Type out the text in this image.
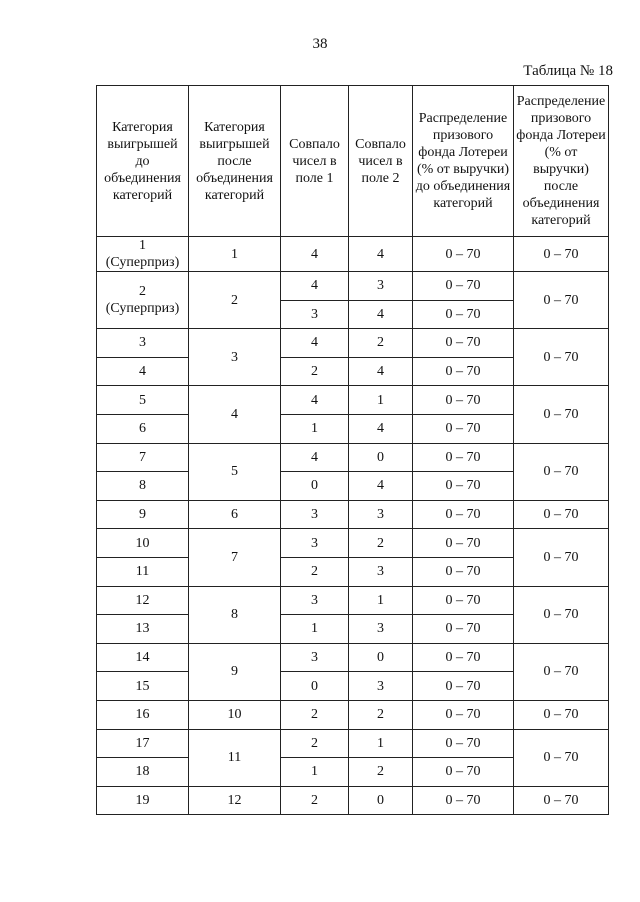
38
Таблица № 18
Категория выигрышей до объединения категорий	Категория выигрышей после объединения категорий	Совпало чисел в поле 1	Совпало чисел в поле 2	Распределение призового фонда Лотереи (% от выручки) до объединения категорий	Распределение призового фонда Лотереи (% от выручки) после объединения категорий

1
(Суперприз)	1	4	4	0 – 70	0 – 70

2
(Суперприз)	2	4	3	0 – 70	0 – 70
		3	4	0 – 70	

3	3	4	2	0 – 70	0 – 70

4		2	4	0 – 70	

5	4	4	1	0 – 70	0 – 70

6		1	4	0 – 70	

7	5	4	0	0 – 70	0 – 70

8		0	4	0 – 70	

9	6	3	3	0 – 70	0 – 70

10	7	3	2	0 – 70	0 – 70

11		2	3	0 – 70	

12	8	3	1	0 – 70	0 – 70

13		1	3	0 – 70	

14	9	3	0	0 – 70	0 – 70

15		0	3	0 – 70	

16	10	2	2	0 – 70	0 – 70

17	11	2	1	0 – 70	0 – 70

18		1	2	0 – 70	

19	12	2	0	0 – 70	0 – 70
